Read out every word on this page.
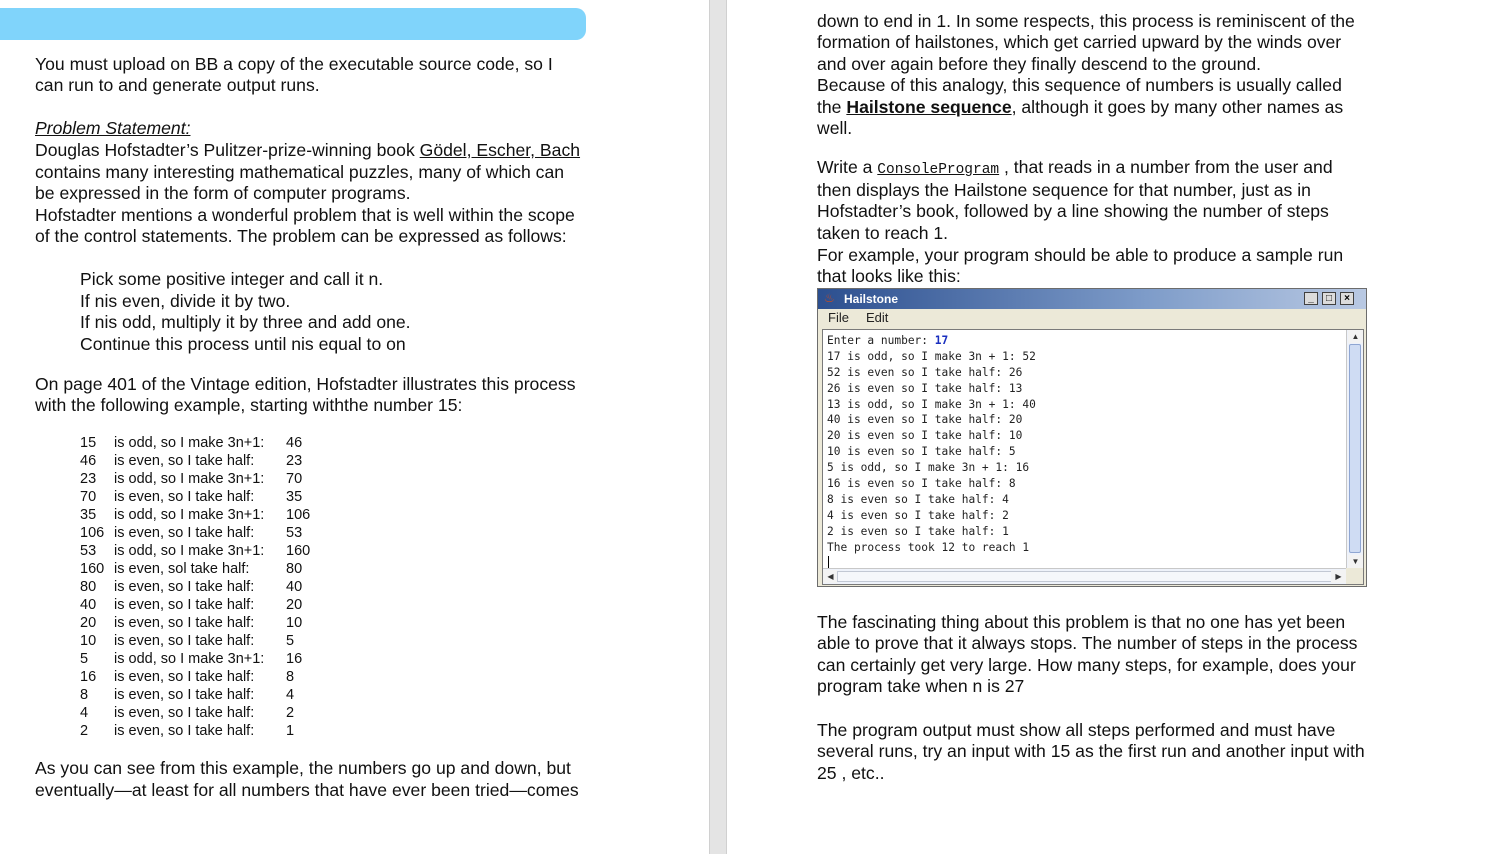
You must upload on BB a copy of the executable source code, so I
can run to and generate output runs.
Problem Statement:
Douglas Hofstadter’s Pulitzer-prize-winning book Gödel, Escher, Bach
contains many interesting mathematical puzzles, many of which can
be expressed in the form of computer programs.
Hofstadter mentions a wonderful problem that is well within the scope
of the control statements. The problem can be expressed as follows:
Pick some positive integer and call it n.
If nis even, divide it by two.
If nis odd, multiply it by three and add one.
Continue this process until nis equal to on
On page 401 of the Vintage edition, Hofstadter illustrates this process
with the following example, starting withthe number 15:
15 is odd, so I make 3n+1: 46
46 is even, so I take half: 23
23 is odd, so I make 3n+1: 70
70 is even, so I take half: 35
35 is odd, so I make 3n+1: 106
106 is even, so I take half: 53
53 is odd, so I make 3n+1: 160
160 is even, sol take half:	80
80 is even, so I take half: 40
40 is even, so I take half: 20
20 is even, so I take half: 10
10 is even, so I take half: 5
5 is odd, so I make 3n+1: 16
16 is even, so I take half: 8
8 is even, so I take half: 4
4 is even, so I take half: 2
2 is even, so I take half: 1
As you can see from this example, the numbers go up and down, but
eventually—at least for all numbers that have ever been tried—comes
down to end in 1. In some respects, this process is reminiscent of the
formation of hailstones, which get carried upward by the winds over
and over again before they finally descend to the ground.
Because of this analogy, this sequence of numbers is usually called
the Hailstone sequence, although it goes by many other names as
well.
Write a ConsoleProgram , that reads in a number from the user and
then displays the Hailstone sequence for that number, just as in
Hofstadter’s book, followed by a line showing the number of steps
taken to reach 1.
For example, your program should be able to produce a sample run
that looks like this:
♨ Hailstone	_	□	×
File Edit
Enter a number: 17
17 is odd, so I make 3n + 1: 52
52 is even so I take half: 26
26 is even so I take half: 13
13 is odd, so I make 3n + 1: 40
40 is even so I take half: 20
20 is even so I take half: 10
10 is even so I take half: 5
5 is odd, so I make 3n + 1: 16
16 is even so I take half: 8
8 is even so I take half: 4
4 is even so I take half: 2
2 is even so I take half: 1
The process took 12 to reach 1
▲
▼
◀	▶
The fascinating thing about this problem is that no one has yet been
able to prove that it always stops. The number of steps in the process
can certainly get very large. How many steps, for example, does your
program take when n is 27
The program output must show all steps performed and must have
several runs, try an input with 15 as the first run and another input with
25 , etc..
